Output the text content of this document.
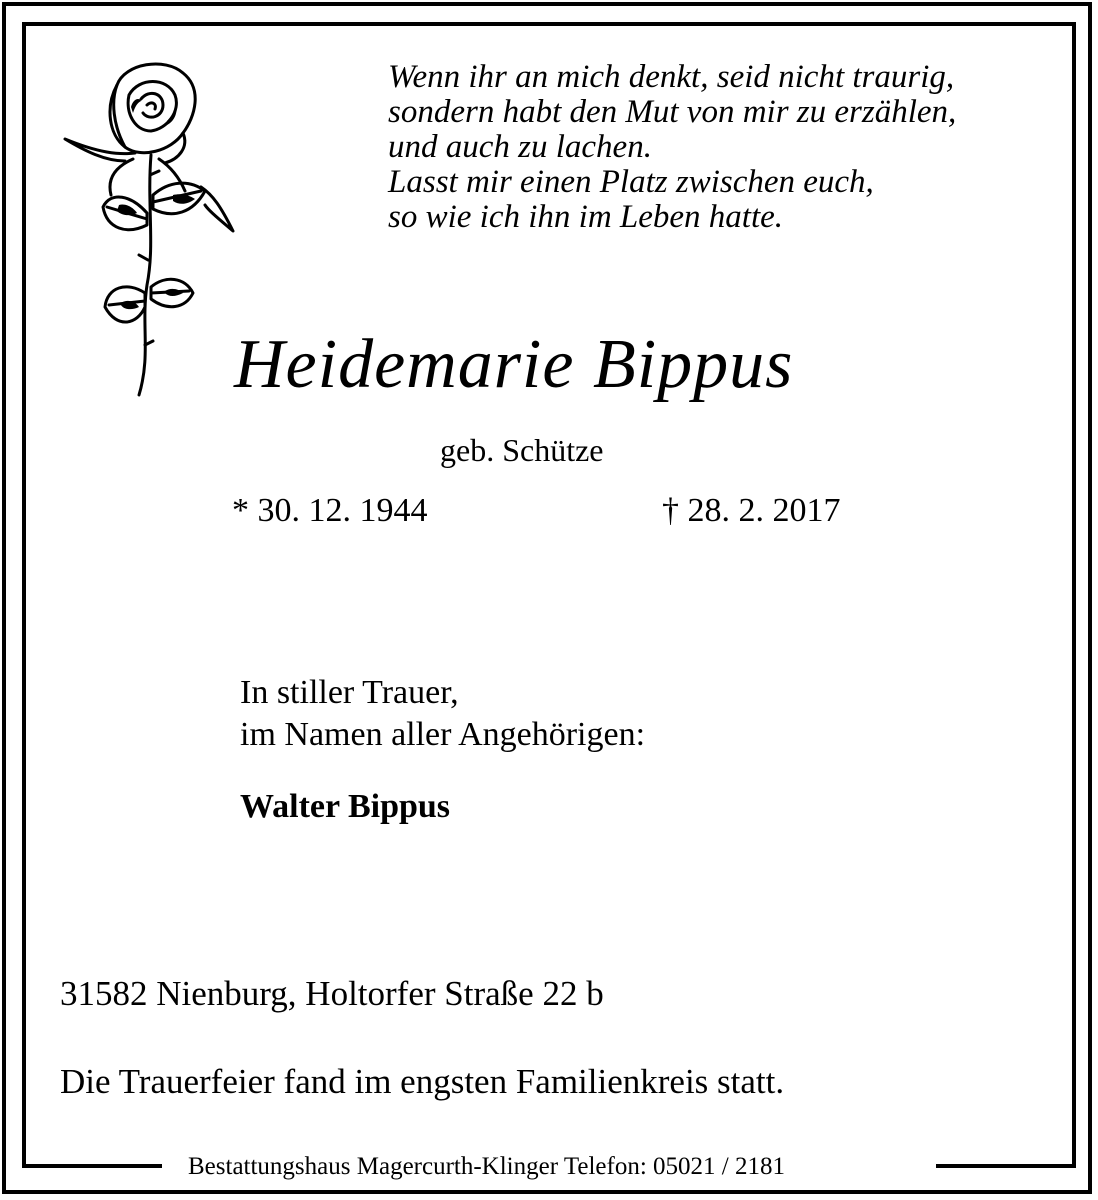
Wenn ihr an mich denkt, seid nicht traurig,
sondern habt den Mut von mir zu erzählen,
und auch zu lachen.
Lasst mir einen Platz zwischen euch,
so wie ich ihn im Leben hatte.
Heidemarie Bippus
geb. Schütze
* 30. 12. 1944	† 28. 2. 2017
In stiller Trauer,
im Namen aller Angehörigen:
Walter Bippus
31582 Nienburg, Holtorfer Straße 22 b
Die Trauerfeier fand im engsten Familienkreis statt.
Bestattungshaus Magercurth-Klinger Telefon: 05021 / 2181
